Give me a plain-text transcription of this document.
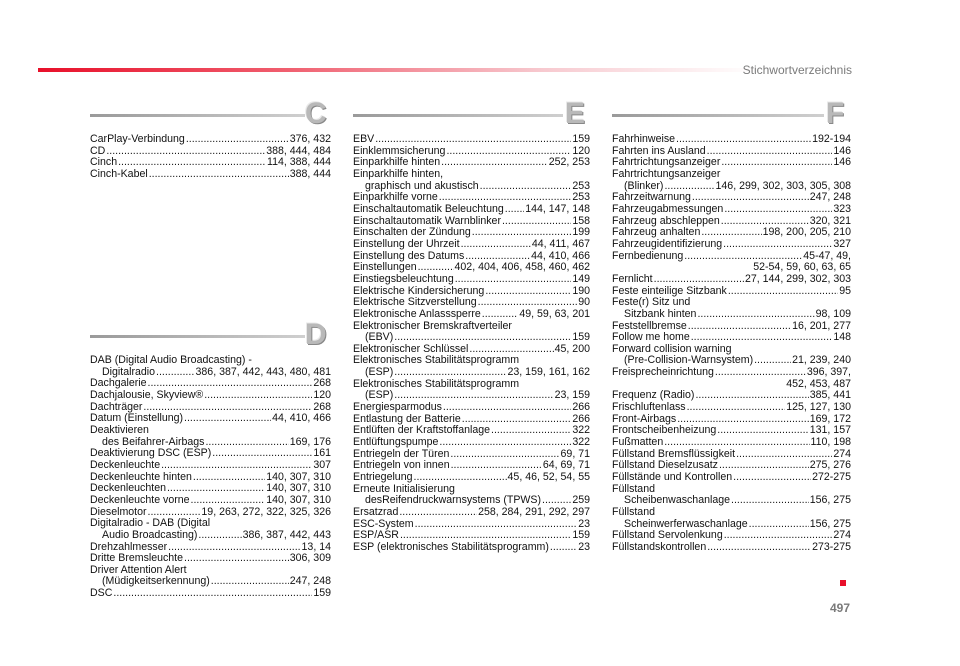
Stichwortverzeichnis
C
CarPlay-Verbindung .....	376, 432
CD .....	388, 444, 484
Cinch .....	114, 388, 444
Cinch-Kabel .....	388, 444
D
DAB (Digital Audio Broadcasting) -
Digitalradio .....	386, 387, 442, 443, 480, 481
Dachgalerie .....	268
Dachjalousie, Skyview® .....	120
Dachträger .....	268
Datum (Einstellung) .....	44, 410, 466
Deaktivieren
des Beifahrer-Airbags .....	169, 176
Deaktivierung DSC (ESP) .....	161
Deckenleuchte .....	307
Deckenleuchte hinten .....	140, 307, 310
Deckenleuchten .....	140, 307, 310
Deckenleuchte vorne .....	140, 307, 310
Dieselmotor .....	19, 263, 272, 322, 325, 326
Digitalradio - DAB (Digital
Audio Broadcasting) .....	386, 387, 442, 443
Drehzahlmesser .....	13, 14
Dritte Bremsleuchte .....	306, 309
Driver Attention Alert
(Müdigkeitserkennung) .....	247, 248
DSC .....	159
E
EBV .....	159
Einklemmsicherung .....	120
Einparkhilfe hinten .....	252, 253
Einparkhilfe hinten,
graphisch und akustisch .....	253
Einparkhilfe vorne .....	253
Einschaltautomatik Beleuchtung ..... 144, 147, 148
Einschaltautomatik Warnblinker .....	158
Einschalten der Zündung .....	199
Einstellung der Uhrzeit .....	44, 411, 467
Einstellung des Datums .....	44, 410, 466
Einstellungen .....	402, 404, 406, 458, 460, 462
Einstiegsbeleuchtung .....	149
Elektrische Kindersicherung .....	190
Elektrische Sitzverstellung .....	90
Elektronische Anlasssperre .....	49, 59, 63, 201
Elektronischer Bremskraftverteiler
(EBV) .....	159
Elektronischer Schlüssel .....	45, 200
Elektronisches Stabilitätsprogramm
(ESP) .....	23, 159, 161, 162
Elektronisches Stabilitätsprogramm
(ESP) .....	23, 159
Energiesparmodus .....	266
Entlastung der Batterie .....	266
Entlüften der Kraftstoffanlage .....	322
Entlüftungspumpe .....	322
Entriegeln der Türen .....	69, 71
Entriegeln von innen .....	64, 69, 71
Entriegelung .....	45, 46, 52, 54, 55
Erneute Initialisierung
desReifendruckwarnsystems (TPWS) .....	259
Ersatzrad .....	258, 284, 291, 292, 297
ESC-System .....	23
ESP/ASR .....	159
ESP (elektronisches Stabilitätsprogramm) .....	23
F
Fahrhinweise .....	192-194
Fahrten ins Ausland .....	146
Fahrtrichtungsanzeiger .....	146
Fahrtrichtungsanzeiger
(Blinker) .....	146, 299, 302, 303, 305, 308
Fahrzeitwarnung .....	247, 248
Fahrzeugabmessungen .....	323
Fahrzeug abschleppen .....	320, 321
Fahrzeug anhalten .....	198, 200, 205, 210
Fahrzeugidentifizierung .....	327
Fernbedienung .....	45-47, 49,
52-54, 59, 60, 63, 65
Fernlicht .....	27, 144, 299, 302, 303
Feste einteilige Sitzbank .....	95
Feste(r) Sitz und
Sitzbank hinten .....	98, 109
Feststellbremse .....	16, 201, 277
Follow me home .....	148
Forward collision warning
(Pre-Collision-Warnsystem) .....	21, 239, 240
Freisprecheinrichtung .....	396, 397,
452, 453, 487
Frequenz (Radio) .....	385, 441
Frischluftenlass .....	125, 127, 130
Front-Airbags .....	169, 172
Frontscheibenheizung .....	131, 157
Fußmatten .....	110, 198
Füllstand Bremsflüssigkeit .....	274
Füllstand Dieselzusatz .....	275, 276
Füllstände und Kontrollen .....	272-275
Füllstand
Scheibenwaschanlage .....	156, 275
Füllstand
Scheinwerferwaschanlage .....	156, 275
Füllstand Servolenkung .....	274
Füllstandskontrollen .....	273-275
497
